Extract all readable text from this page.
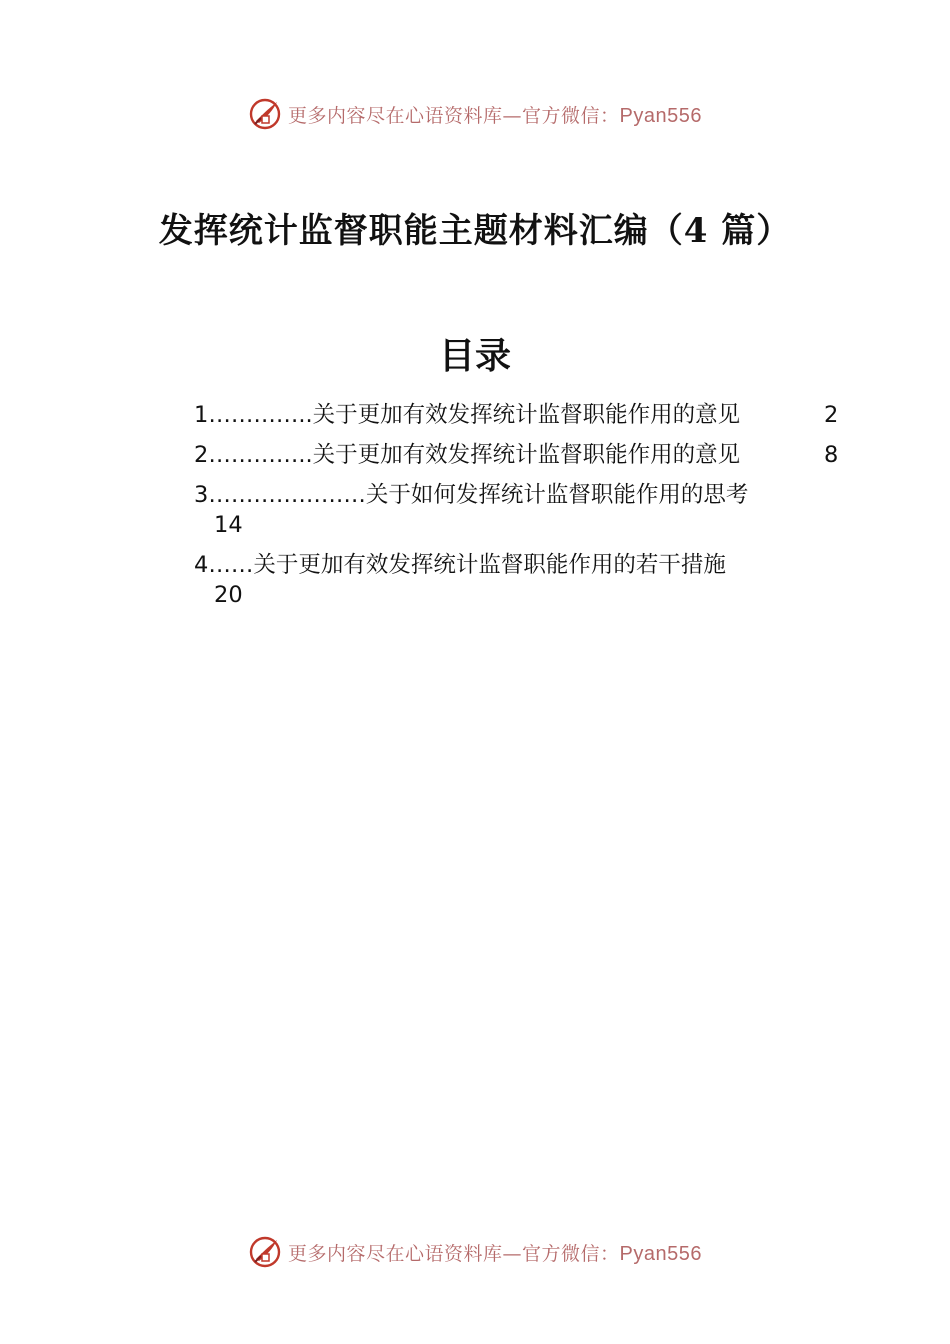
更多内容尽在心语资料库—官方微信：Pyan556
发挥统计监督职能主题材料汇编（4 篇）
目录
1…………..关于更加有效发挥统计监督职能作用的意见	2
2…………..关于更加有效发挥统计监督职能作用的意见	8
3…………………关于如何发挥统计监督职能作用的思考
14
4……关于更加有效发挥统计监督职能作用的若干措施
20
更多内容尽在心语资料库—官方微信：Pyan556
